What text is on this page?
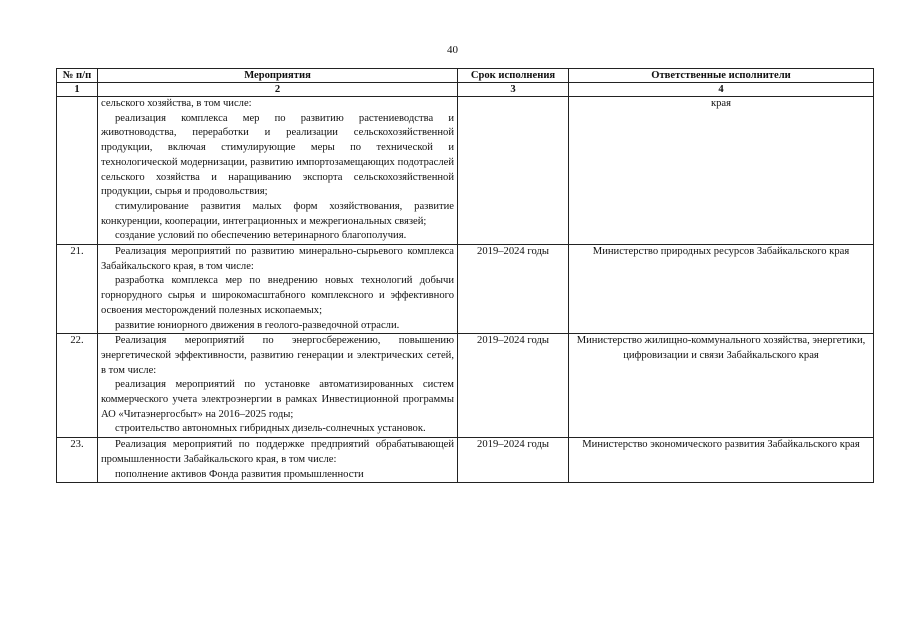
40
№ п/п	Мероприятия	Срок исполнения	Ответственные исполнители
1	2	3	4

	сельского хозяйства, в том числе:
реализация комплекса мер по развитию растениеводства и животноводства, переработки и реализации сельскохозяйственной продукции, включая стимулирующие меры по технической и технологической модернизации, развитию импортозамещающих подотраслей сельского хозяйства и наращиванию экспорта сельскохозяйственной продукции, сырья и продовольствия;
стимулирование развития малых форм хозяйствования, развитие конкуренции, кооперации, интеграционных и межрегиональных связей;
создание условий по обеспечению ветеринарного благополучия.		края
21.	Реализация мероприятий по развитию минерально-сырьевого комплекса Забайкальского края, в том числе:
разработка комплекса мер по внедрению новых технологий добычи горнорудного сырья и широкомасштабного комплексного и эффективного освоения месторождений полезных ископаемых;
развитие юниорного движения в геолого-разведочной отрасли.	2019–2024 годы	Министерство природных ресурсов Забайкальского края
22.	Реализация мероприятий по энергосбережению, повышению энергетической эффективности, развитию генерации и электрических сетей, в том числе:
реализация мероприятий по установке автоматизированных систем коммерческого учета электроэнергии в рамках Инвестиционной программы АО «Читаэнергосбыт» на 2016–2025 годы;
строительство автономных гибридных дизель-солнечных установок.	2019–2024 годы	Министерство жилищно-коммунального хозяйства, энергетики, цифровизации и связи Забайкальского края
23.	Реализация мероприятий по поддержке предприятий обрабатывающей промышленности Забайкальского края, в том числе:
пополнение активов Фонда развития промышленности	2019–2024 годы	Министерство экономического развития Забайкальского края
